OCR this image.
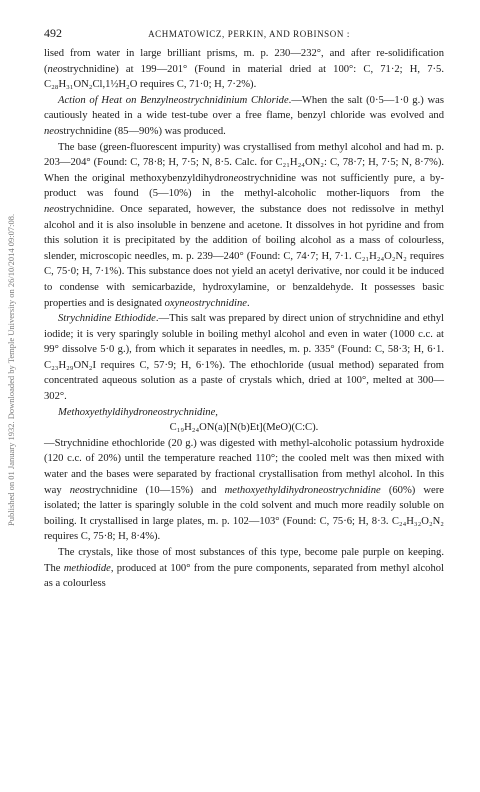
Published on 01 January 1932. Downloaded by Temple University on 26/10/2014 09:07:08.
492	ACHMATOWICZ, PERKIN, AND ROBINSON :

lised from water in large brilliant prisms, m. p. 230—232°, and after re-solidification (neostrychnidine) at 199—201° (Found in material dried at 100°: C, 71·2; H, 7·5. C₂₈H₃₁ON₂Cl,1½H₂O requires C, 71·0; H, 7·2%).

Action of Heat on Benzylneostrychnidinium Chloride.—When the salt (0·5—1·0 g.) was cautiously heated in a wide test-tube over a free flame, benzyl chloride was evolved and neostrychnidine (85—90%) was produced.

The base (green-fluorescent impurity) was crystallised from methyl alcohol and had m. p. 203—204° (Found: C, 78·8; H, 7·5; N, 8·5. Calc. for C₂₁H₂₄ON₂: C, 78·7; H, 7·5; N, 8·7%). When the original methoxybenzyldihydroneostrychnidine was not sufficiently pure, a by-product was found (5—10%) in the methyl-alcoholic mother-liquors from the neostrychnidine. Once separated, however, the substance does not redissolve in methyl alcohol and it is also insoluble in benzene and acetone. It dissolves in hot pyridine and from this solution it is precipitated by the addition of boiling alcohol as a mass of colourless, slender, microscopic needles, m. p. 239—240° (Found: C, 74·7; H, 7·1. C₂₁H₂₄O₂N₂ requires C, 75·0; H, 7·1%). This substance does not yield an acetyl derivative, nor could it be induced to condense with semicarbazide, hydroxylamine, or benzaldehyde. It possesses basic properties and is designated oxyneostrychnidine.

Strychnidine Ethiodide.—This salt was prepared by direct union of strychnidine and ethyl iodide; it is very sparingly soluble in boiling methyl alcohol and even in water (1000 c.c. at 99° dissolve 5·0 g.), from which it separates in needles, m. p. 335° (Found: C, 58·3; H, 6·1. C₂₃H₂₉ON₂I requires C, 57·9; H, 6·1%). The ethochloride (usual method) separated from concentrated aqueous solution as a paste of crystals which, dried at 100°, melted at 300—302°.

Methoxyethyldihydroneostrychnidine,

C₁₉H₂₄ON(a)[N(b)Et](MeO)(C:C).

—Strychnidine ethochloride (20 g.) was digested with methyl-alcoholic potassium hydroxide (120 c.c. of 20%) until the temperature reached 110°; the cooled melt was then mixed with water and the bases were separated by fractional crystallisation from methyl alcohol. In this way neostrychnidine (10—15%) and methoxyethyldihydroneostrychnidine (60%) were isolated; the latter is sparingly soluble in the cold solvent and much more readily soluble on boiling. It crystallised in large plates, m. p. 102—103° (Found: C, 75·6; H, 8·3. C₂₄H₃₂O₂N₂ requires C, 75·8; H, 8·4%).

The crystals, like those of most substances of this type, become pale purple on keeping. The methiodide, produced at 100° from the pure components, separated from methyl alcohol as a colourless
